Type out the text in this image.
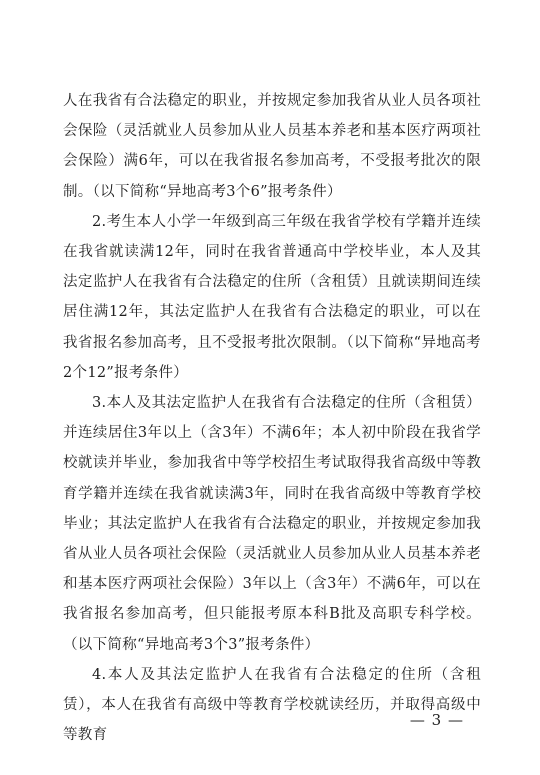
人在我省有合法稳定的职业，并按规定参加我省从业人员各项社会保险（灵活就业人员参加从业人员基本养老和基本医疗两项社会保险）满6年，可以在我省报名参加高考，不受报考批次的限制。（以下简称“异地高考3个6”报考条件）

2.考生本人小学一年级到高三年级在我省学校有学籍并连续在我省就读满12年，同时在我省普通高中学校毕业，本人及其法定监护人在我省有合法稳定的住所（含租赁）且就读期间连续居住满12年，其法定监护人在我省有合法稳定的职业，可以在我省报名参加高考，且不受报考批次限制。（以下简称“异地高考2个12”报考条件）

3.本人及其法定监护人在我省有合法稳定的住所（含租赁）并连续居住3年以上（含3年）不满6年；本人初中阶段在我省学校就读并毕业，参加我省中等学校招生考试取得我省高级中等教育学籍并连续在我省就读满3年，同时在我省高级中等教育学校毕业；其法定监护人在我省有合法稳定的职业，并按规定参加我省从业人员各项社会保险（灵活就业人员参加从业人员基本养老和基本医疗两项社会保险）3年以上（含3年）不满6年，可以在我省报名参加高考，但只能报考原本科B批及高职专科学校。（以下简称“异地高考3个3”报考条件）

4.本人及其法定监护人在我省有合法稳定的住所（含租赁），本人在我省有高级中等教育学校就读经历，并取得高级中等教育

— 3 —
